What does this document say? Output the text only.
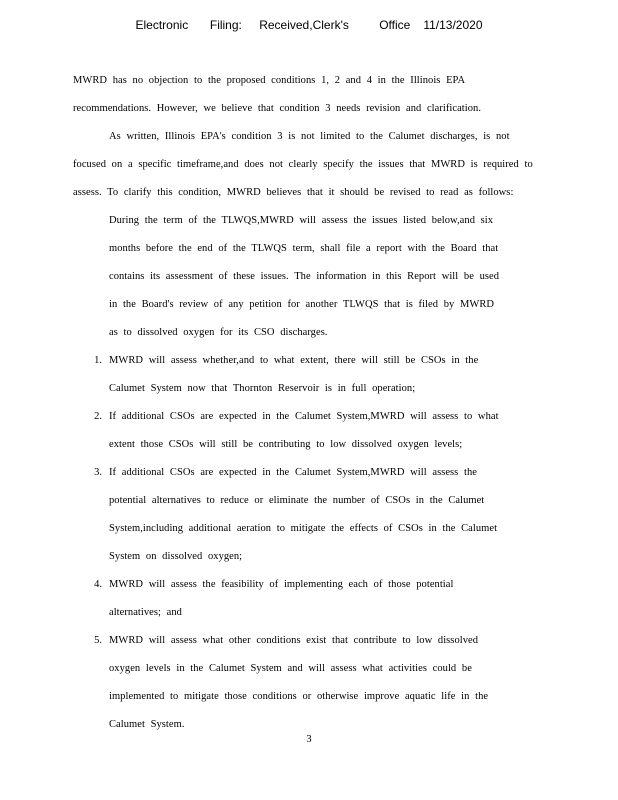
Electronic     Filing:    Received,Clerk's       Office   11/13/2020
MWRD has no objection to the proposed conditions 1, 2 and 4 in the Illinois EPA
recommendations. However, we believe that condition 3 needs revision and clarification.
As written, Illinois EPA's condition 3 is not limited to the Calumet discharges, is not
focused on a specific timeframe,and does not clearly specify the issues that MWRD is required to
assess. To clarify this condition, MWRD believes that it should be revised to read as follows:
During the term of the TLWQS,MWRD will assess the issues listed below,and six
months before the end of the TLWQS term, shall file a report with the Board that
contains its assessment of these issues. The information in this Report will be used
in the Board's review of any petition for another TLWQS that is filed by MWRD
as to dissolved oxygen for its CSO discharges.
1. MWRD will assess whether,and to what extent, there will still be CSOs in the
Calumet System now that Thornton Reservoir is in full operation;
2. If additional CSOs are expected in the Calumet System,MWRD will assess to what
extent those CSOs will still be contributing to low dissolved oxygen levels;
3. If additional CSOs are expected in the Calumet System,MWRD will assess the
potential alternatives to reduce or eliminate the number of CSOs in the Calumet
System,including additional aeration to mitigate the effects of CSOs in the Calumet
System on dissolved oxygen;
4. MWRD will assess the feasibility of implementing each of those potential
alternatives; and
5. MWRD will assess what other conditions exist that contribute to low dissolved
oxygen levels in the Calumet System and will assess what activities could be
implemented to mitigate those conditions or otherwise improve aquatic life in the
Calumet System.
3
